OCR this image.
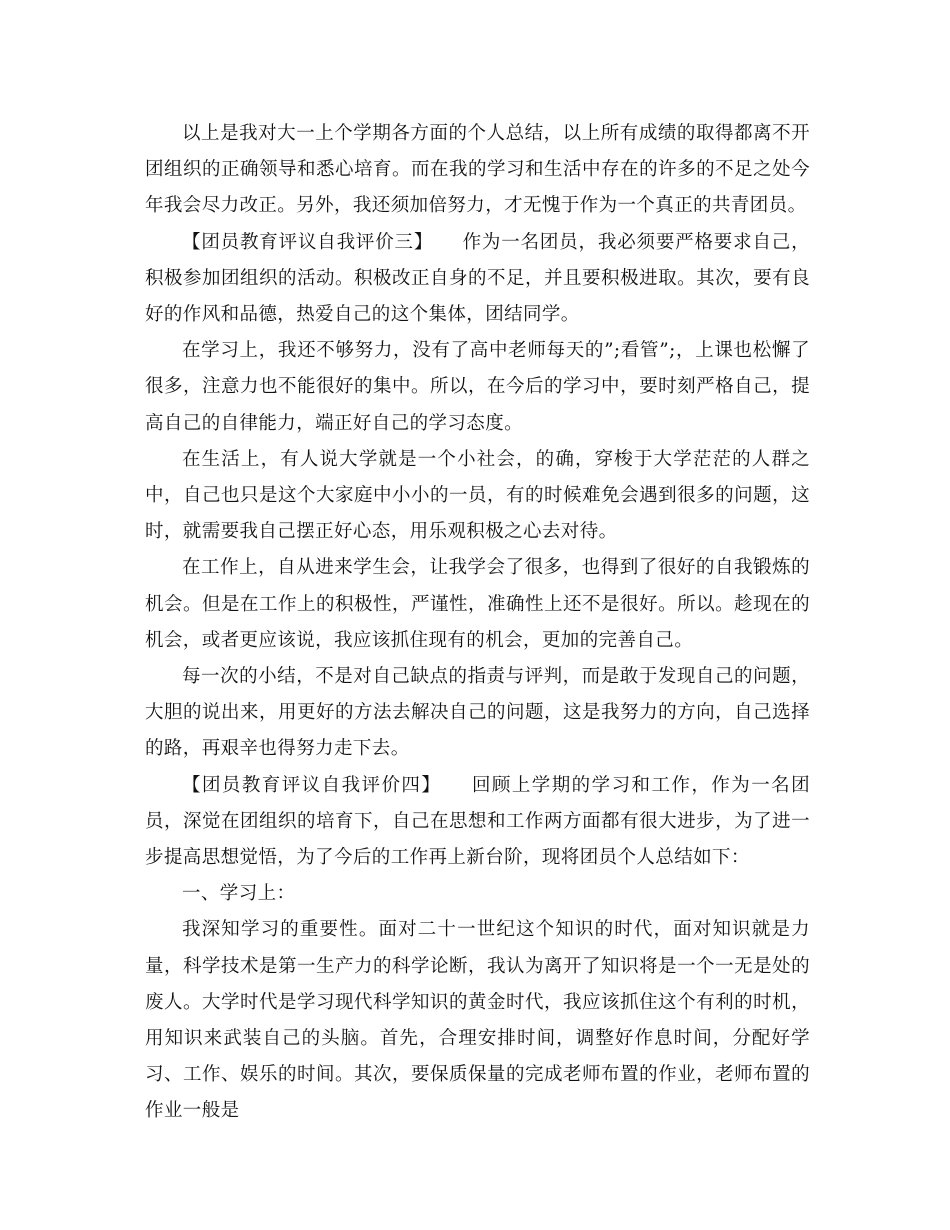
以上是我对大一上个学期各方面的个人总结，以上所有成绩的取得都离不开团组织的正确领导和悉心培育。而在我的学习和生活中存在的许多的不足之处今年我会尽力改正。另外，我还须加倍努力，才无愧于作为一个真正的共青团员。

【团员教育评议自我评价三】　　作为一名团员，我必须要严格要求自己，积极参加团组织的活动。积极改正自身的不足，并且要积极进取。其次，要有良好的作风和品德，热爱自己的这个集体，团结同学。

在学习上，我还不够努力，没有了高中老师每天的”;看管”;，上课也松懈了很多，注意力也不能很好的集中。所以，在今后的学习中，要时刻严格自己，提高自己的自律能力，端正好自己的学习态度。

在生活上，有人说大学就是一个小社会，的确，穿梭于大学茫茫的人群之中，自己也只是这个大家庭中小小的一员，有的时候难免会遇到很多的问题，这时，就需要我自己摆正好心态，用乐观积极之心去对待。

在工作上，自从进来学生会，让我学会了很多，也得到了很好的自我锻炼的机会。但是在工作上的积极性，严谨性，准确性上还不是很好。所以。趁现在的机会，或者更应该说，我应该抓住现有的机会，更加的完善自己。

每一次的小结，不是对自己缺点的指责与评判，而是敢于发现自己的问题，大胆的说出来，用更好的方法去解决自己的问题，这是我努力的方向，自己选择的路，再艰辛也得努力走下去。

【团员教育评议自我评价四】　　回顾上学期的学习和工作，作为一名团员，深觉在团组织的培育下，自己在思想和工作两方面都有很大进步，为了进一步提高思想觉悟，为了今后的工作再上新台阶，现将团员个人总结如下：

一、学习上：

我深知学习的重要性。面对二十一世纪这个知识的时代，面对知识就是力量，科学技术是第一生产力的科学论断，我认为离开了知识将是一个一无是处的废人。大学时代是学习现代科学知识的黄金时代，我应该抓住这个有利的时机，用知识来武装自己的头脑。首先，合理安排时间，调整好作息时间，分配好学习、工作、娱乐的时间。其次，要保质保量的完成老师布置的作业，老师布置的作业一般是
